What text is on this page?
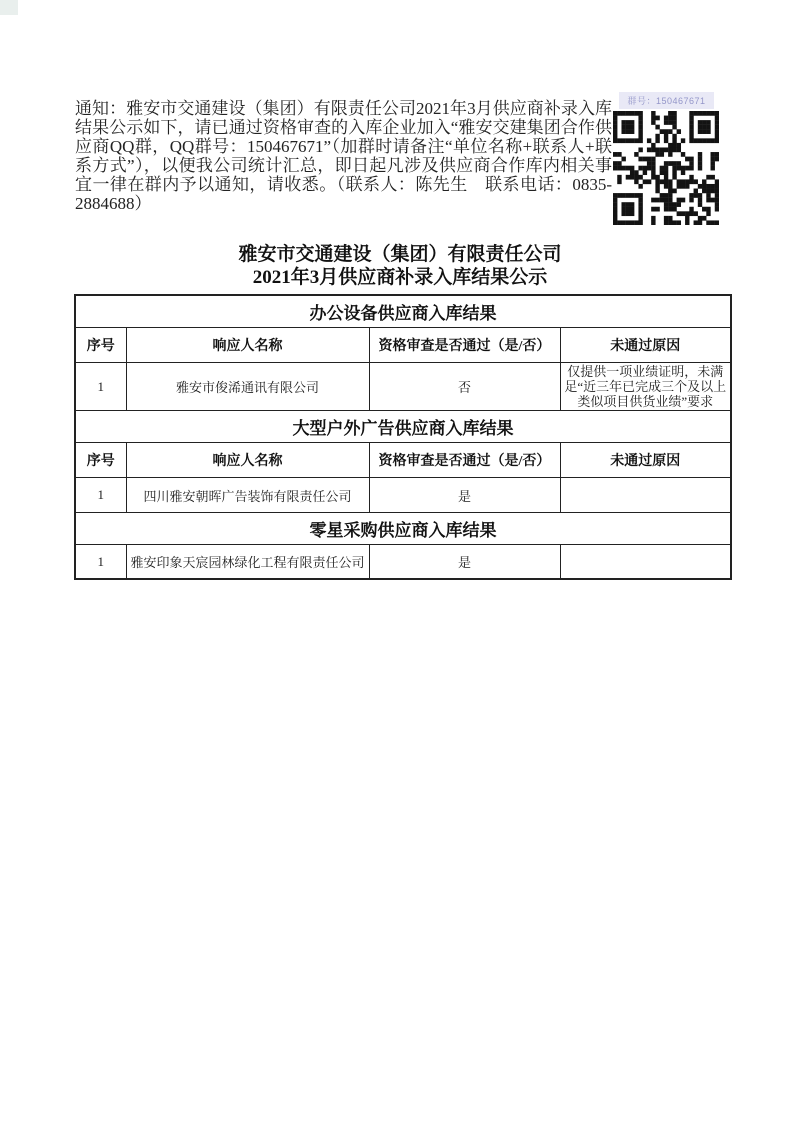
通知：雅安市交通建设（集团）有限责任公司2021年3月供应商补录入库结果公示如下，请已通过资格审查的入库企业加入“雅安交建集团合作供应商QQ群，QQ群号：150467671”（加群时请备注“单位名称+联系人+联系方式”），以便我公司统计汇总，即日起凡涉及供应商合作库内相关事宜一律在群内予以通知，请收悉。（联系人：陈先生　联系电话：0835-2884688）

群号：150467671
雅安市交通建设（集团）有限责任公司
2021年3月供应商补录入库结果公示
办公设备供应商入库结果			
序号	响应人名称	资格审查是否通过（是/否）	未通过原因
1	雅安市俊浠通讯有限公司	否	仅提供一项业绩证明，未满足“近三年已完成三个及以上类似项目供货业绩”要求
大型户外广告供应商入库结果			
序号	响应人名称	资格审查是否通过（是/否）	未通过原因
1	四川雅安朝晖广告装饰有限责任公司	是	
零星采购供应商入库结果			
1	雅安印象天宸园林绿化工程有限责任公司	是	
